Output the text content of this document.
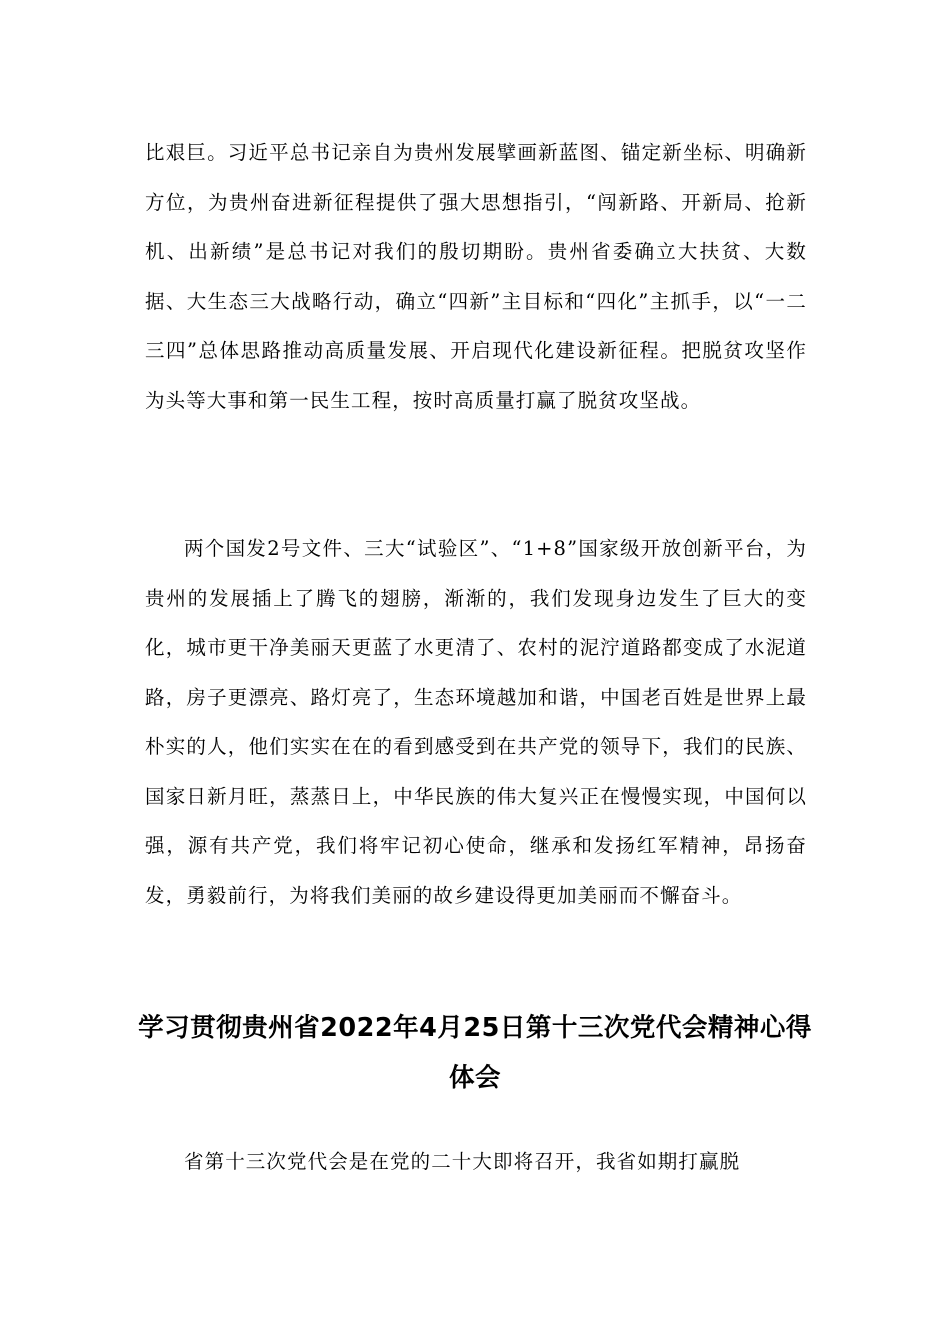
比艰巨。习近平总书记亲自为贵州发展擘画新蓝图、锚定新坐标、明确新方位，为贵州奋进新征程提供了强大思想指引，“闯新路、开新局、抢新机、出新绩”是总书记对我们的殷切期盼。贵州省委确立大扶贫、大数据、大生态三大战略行动，确立“四新”主目标和“四化”主抓手，以“一二三四”总体思路推动高质量发展、开启现代化建设新征程。把脱贫攻坚作为头等大事和第一民生工程，按时高质量打赢了脱贫攻坚战。

两个国发2号文件、三大“试验区”、“1+8”国家级开放创新平台，为贵州的发展插上了腾飞的翅膀，渐渐的，我们发现身边发生了巨大的变化，城市更干净美丽天更蓝了水更清了、农村的泥泞道路都变成了水泥道路，房子更漂亮、路灯亮了，生态环境越加和谐，中国老百姓是世界上最朴实的人，他们实实在在的看到感受到在共产党的领导下，我们的民族、国家日新月旺，蒸蒸日上，中华民族的伟大复兴正在慢慢实现，中国何以强，源有共产党，我们将牢记初心使命，继承和发扬红军精神，昂扬奋发，勇毅前行，为将我们美丽的故乡建设得更加美丽而不懈奋斗。

学习贯彻贵州省2022年4月25日第十三次党代会精神心得体会

省第十三次党代会是在党的二十大即将召开，我省如期打赢脱
